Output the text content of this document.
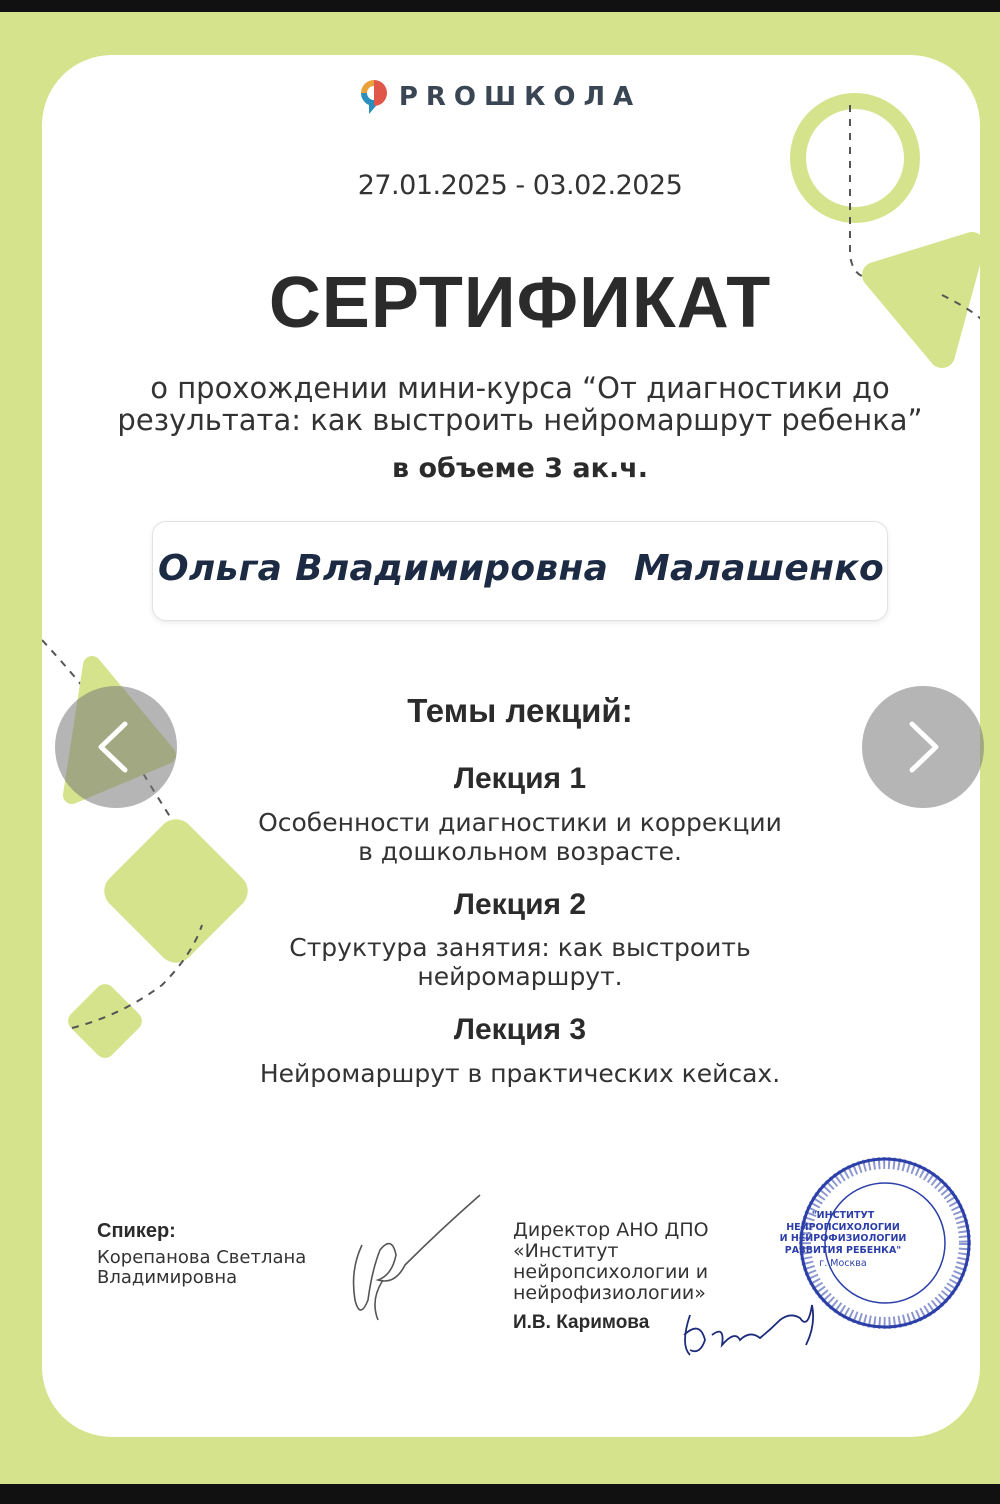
"ИНСТИТУТ
НЕЙРОПСИХОЛОГИИ
И НЕЙРОФИЗИОЛОГИИ
РАЗВИТИЯ РЕБЕНКА"
г. Москва
PROШКОЛА
27.01.2025 - 03.02.2025
СЕРТИФИКАТ
о прохождении мини-курса “От диагностики до
результата: как выстроить нейромаршрут ребенка”
в объеме 3 ак.ч.
Ольга Владимировна  Малашенко
Темы лекций:
Лекция 1
Особенности диагностики и коррекции
в дошкольном возрасте.
Лекция 2
Структура занятия: как выстроить
нейромаршрут.
Лекция 3
Нейромаршрут в практических кейсах.
Спикер:
Корепанова Светлана
Владимировна
Директор АНО ДПО
«Институт
нейропсихологии и
нейрофизиологии»
И.В. Каримова
